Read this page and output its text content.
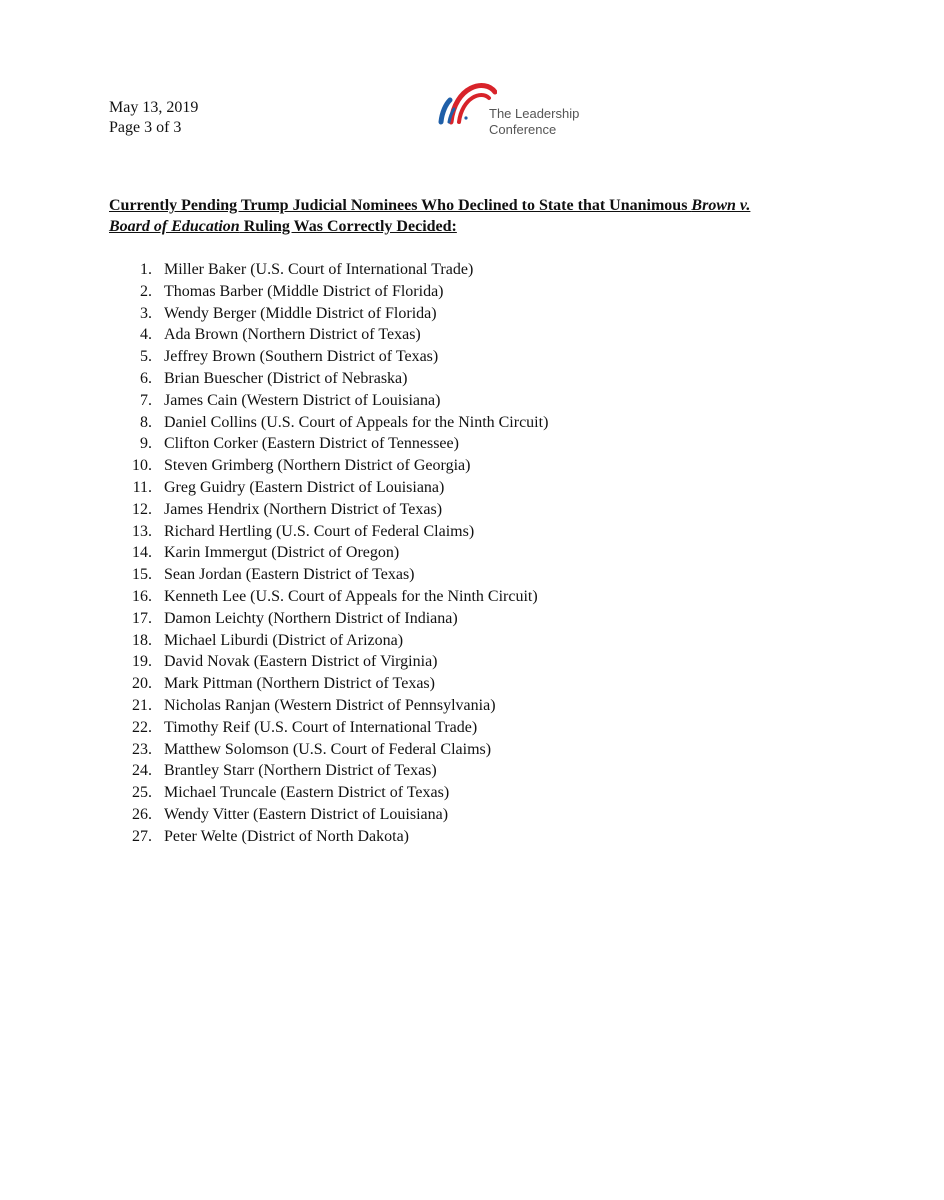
May 13, 2019
Page 3 of 3
The Leadership
Conference
Currently Pending Trump Judicial Nominees Who Declined to State that Unanimous Brown v.
Board of Education Ruling Was Correctly Decided:
1. Miller Baker (U.S. Court of International Trade)
2. Thomas Barber (Middle District of Florida)
3. Wendy Berger (Middle District of Florida)
4. Ada Brown (Northern District of Texas)
5. Jeffrey Brown (Southern District of Texas)
6. Brian Buescher (District of Nebraska)
7. James Cain (Western District of Louisiana)
8. Daniel Collins (U.S. Court of Appeals for the Ninth Circuit)
9. Clifton Corker (Eastern District of Tennessee)
10. Steven Grimberg (Northern District of Georgia)
11. Greg Guidry (Eastern District of Louisiana)
12. James Hendrix (Northern District of Texas)
13. Richard Hertling (U.S. Court of Federal Claims)
14. Karin Immergut (District of Oregon)
15. Sean Jordan (Eastern District of Texas)
16. Kenneth Lee (U.S. Court of Appeals for the Ninth Circuit)
17. Damon Leichty (Northern District of Indiana)
18. Michael Liburdi (District of Arizona)
19. David Novak (Eastern District of Virginia)
20. Mark Pittman (Northern District of Texas)
21. Nicholas Ranjan (Western District of Pennsylvania)
22. Timothy Reif (U.S. Court of International Trade)
23. Matthew Solomson (U.S. Court of Federal Claims)
24. Brantley Starr (Northern District of Texas)
25. Michael Truncale (Eastern District of Texas)
26. Wendy Vitter (Eastern District of Louisiana)
27. Peter Welte (District of North Dakota)
